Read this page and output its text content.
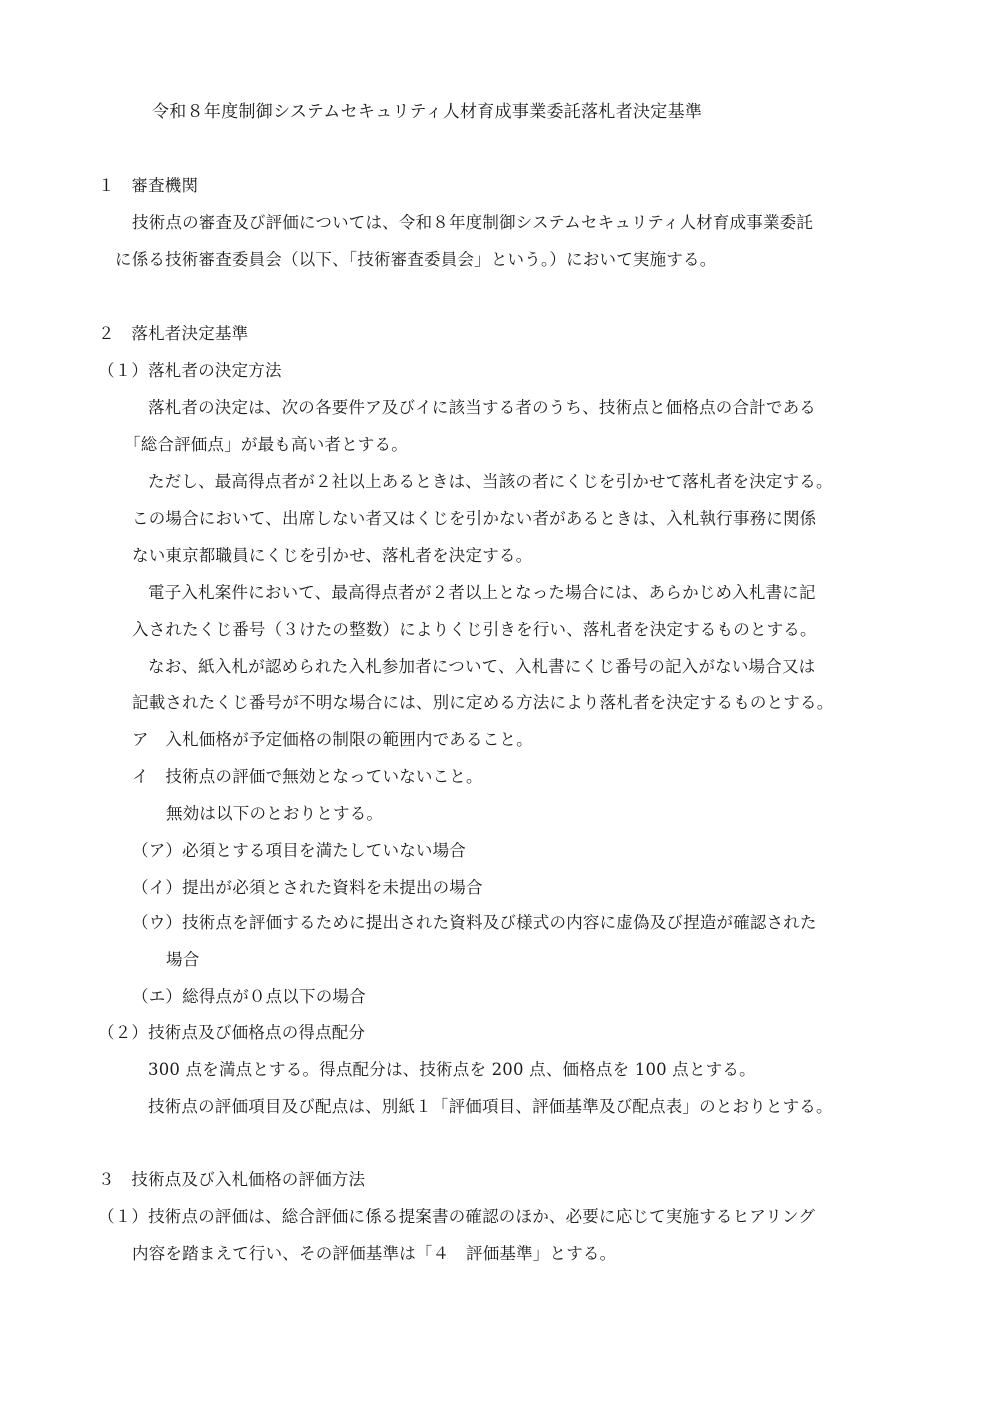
令和８年度制御システムセキュリティ人材育成事業委託落札者決定基準
１　審査機関
技術点の審査及び評価については、令和８年度制御システムセキュリティ人材育成事業委託
に係る技術審査委員会（以下、「技術審査委員会」という。）において実施する。
２　落札者決定基準
（１）落札者の決定方法
落札者の決定は、次の各要件ア及びイに該当する者のうち、技術点と価格点の合計である
「総合評価点」が最も高い者とする。
ただし、最高得点者が２社以上あるときは、当該の者にくじを引かせて落札者を決定する。
この場合において、出席しない者又はくじを引かない者があるときは、入札執行事務に関係
ない東京都職員にくじを引かせ、落札者を決定する。
電子入札案件において、最高得点者が２者以上となった場合には、あらかじめ入札書に記
入されたくじ番号（３けたの整数）によりくじ引きを行い、落札者を決定するものとする。
なお、紙入札が認められた入札参加者について、入札書にくじ番号の記入がない場合又は
記載されたくじ番号が不明な場合には、別に定める方法により落札者を決定するものとする。
ア　入札価格が予定価格の制限の範囲内であること。
イ　技術点の評価で無効となっていないこと。
無効は以下のとおりとする。
（ア）必須とする項目を満たしていない場合
（イ）提出が必須とされた資料を未提出の場合
（ウ）技術点を評価するために提出された資料及び様式の内容に虚偽及び捏造が確認された
場合
（エ）総得点が０点以下の場合
（２）技術点及び価格点の得点配分
300 点を満点とする。得点配分は、技術点を 200 点、価格点を 100 点とする。
技術点の評価項目及び配点は、別紙１「評価項目、評価基準及び配点表」のとおりとする。
３　技術点及び入札価格の評価方法
（１）技術点の評価は、総合評価に係る提案書の確認のほか、必要に応じて実施するヒアリング
内容を踏まえて行い、その評価基準は「４　評価基準」とする。
